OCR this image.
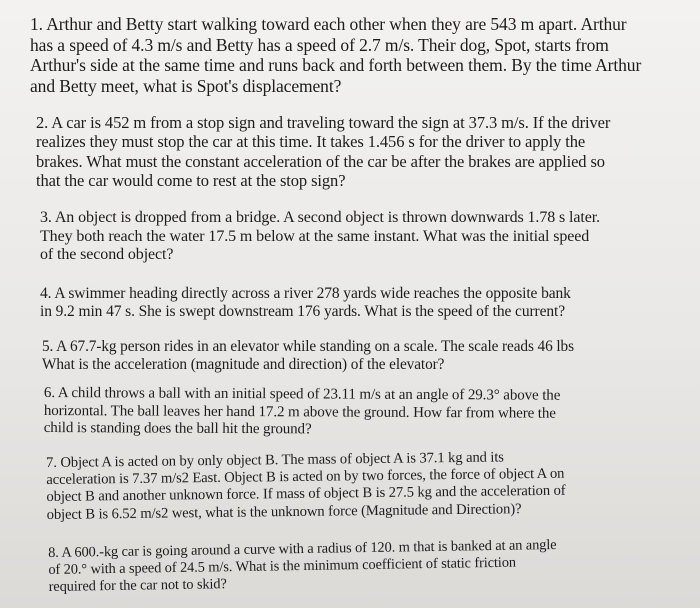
1. Arthur and Betty start walking toward each other when they are 543 m apart. Arthur
has a speed of 4.3 m/s and Betty has a speed of 2.7 m/s. Their dog, Spot, starts from
Arthur's side at the same time and runs back and forth between them. By the time Arthur
and Betty meet, what is Spot's displacement?

2. A car is 452 m from a stop sign and traveling toward the sign at 37.3 m/s. If the driver
realizes they must stop the car at this time. It takes 1.456 s for the driver to apply the
brakes. What must the constant acceleration of the car be after the brakes are applied so
that the car would come to rest at the stop sign?

3. An object is dropped from a bridge. A second object is thrown downwards 1.78 s later.
They both reach the water 17.5 m below at the same instant. What was the initial speed
of the second object?

4. A swimmer heading directly across a river 278 yards wide reaches the opposite bank
in 9.2 min 47 s. She is swept downstream 176 yards. What is the speed of the current?

5. A 67.7-kg person rides in an elevator while standing on a scale. The scale reads 46 lbs
What is the acceleration (magnitude and direction) of the elevator?

6. A child throws a ball with an initial speed of 23.11 m/s at an angle of 29.3° above the
horizontal. The ball leaves her hand 17.2 m above the ground. How far from where the
child is standing does the ball hit the ground?

7. Object A is acted on by only object B. The mass of object A is 37.1 kg and its
acceleration is 7.37 m/s2 East. Object B is acted on by two forces, the force of object A on
object B and another unknown force. If mass of object B is 27.5 kg and the acceleration of
object B is 6.52 m/s2 west, what is the unknown force (Magnitude and Direction)?

8. A 600.-kg car is going around a curve with a radius of 120. m that is banked at an angle
of 20.° with a speed of 24.5 m/s. What is the minimum coefficient of static friction
required for the car not to skid?
